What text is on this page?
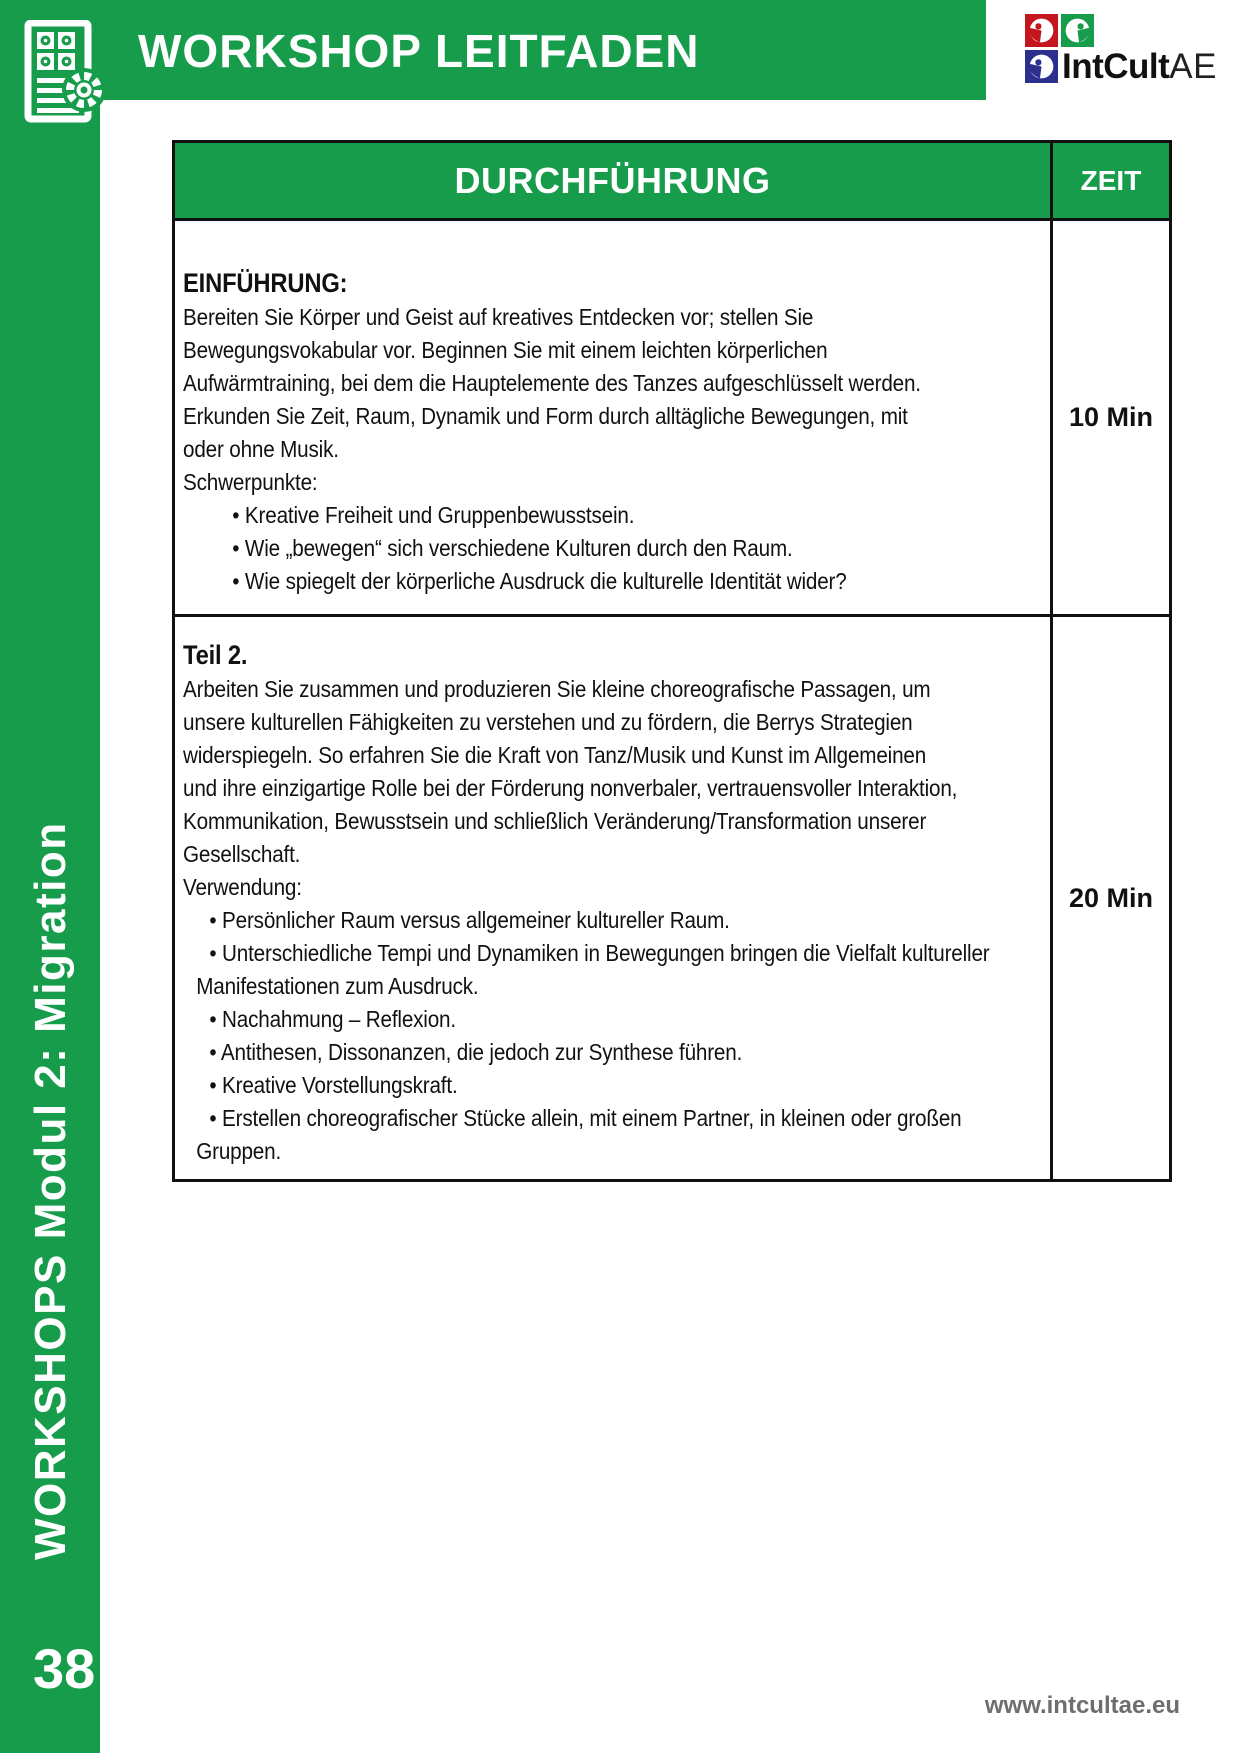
WORKSHOPS Modul 2: Migration
38
WORKSHOP LEITFADEN	IntCultAE
DURCHFÜHRUNG	ZEIT
EINFÜHRUNG:
Bereiten Sie Körper und Geist auf kreatives Entdecken vor; stellen Sie
Bewegungsvokabular vor. Beginnen Sie mit einem leichten körperlichen
Aufwärmtraining, bei dem die Hauptelemente des Tanzes aufgeschlüsselt werden.
Erkunden Sie Zeit, Raum, Dynamik und Form durch alltägliche Bewegungen, mit
oder ohne Musik.
Schwerpunkte:
• Kreative Freiheit und Gruppenbewusstsein.
• Wie „bewegen“ sich verschiedene Kulturen durch den Raum.
• Wie spiegelt der körperliche Ausdruck die kulturelle Identität wider?
10 Min
Teil 2.
Arbeiten Sie zusammen und produzieren Sie kleine choreografische Passagen, um
unsere kulturellen Fähigkeiten zu verstehen und zu fördern, die Berrys Strategien
widerspiegeln. So erfahren Sie die Kraft von Tanz/Musik und Kunst im Allgemeinen
und ihre einzigartige Rolle bei der Förderung nonverbaler, vertrauensvoller Interaktion,
Kommunikation, Bewusstsein und schließlich Veränderung/Transformation unserer
Gesellschaft.
Verwendung:
• Persönlicher Raum versus allgemeiner kultureller Raum.
• Unterschiedliche Tempi und Dynamiken in Bewegungen bringen die Vielfalt kultureller
Manifestationen zum Ausdruck.
• Nachahmung – Reflexion.
• Antithesen, Dissonanzen, die jedoch zur Synthese führen.
• Kreative Vorstellungskraft.
• Erstellen choreografischer Stücke allein, mit einem Partner, in kleinen oder großen
Gruppen.
20 Min
www.intcultae.eu
